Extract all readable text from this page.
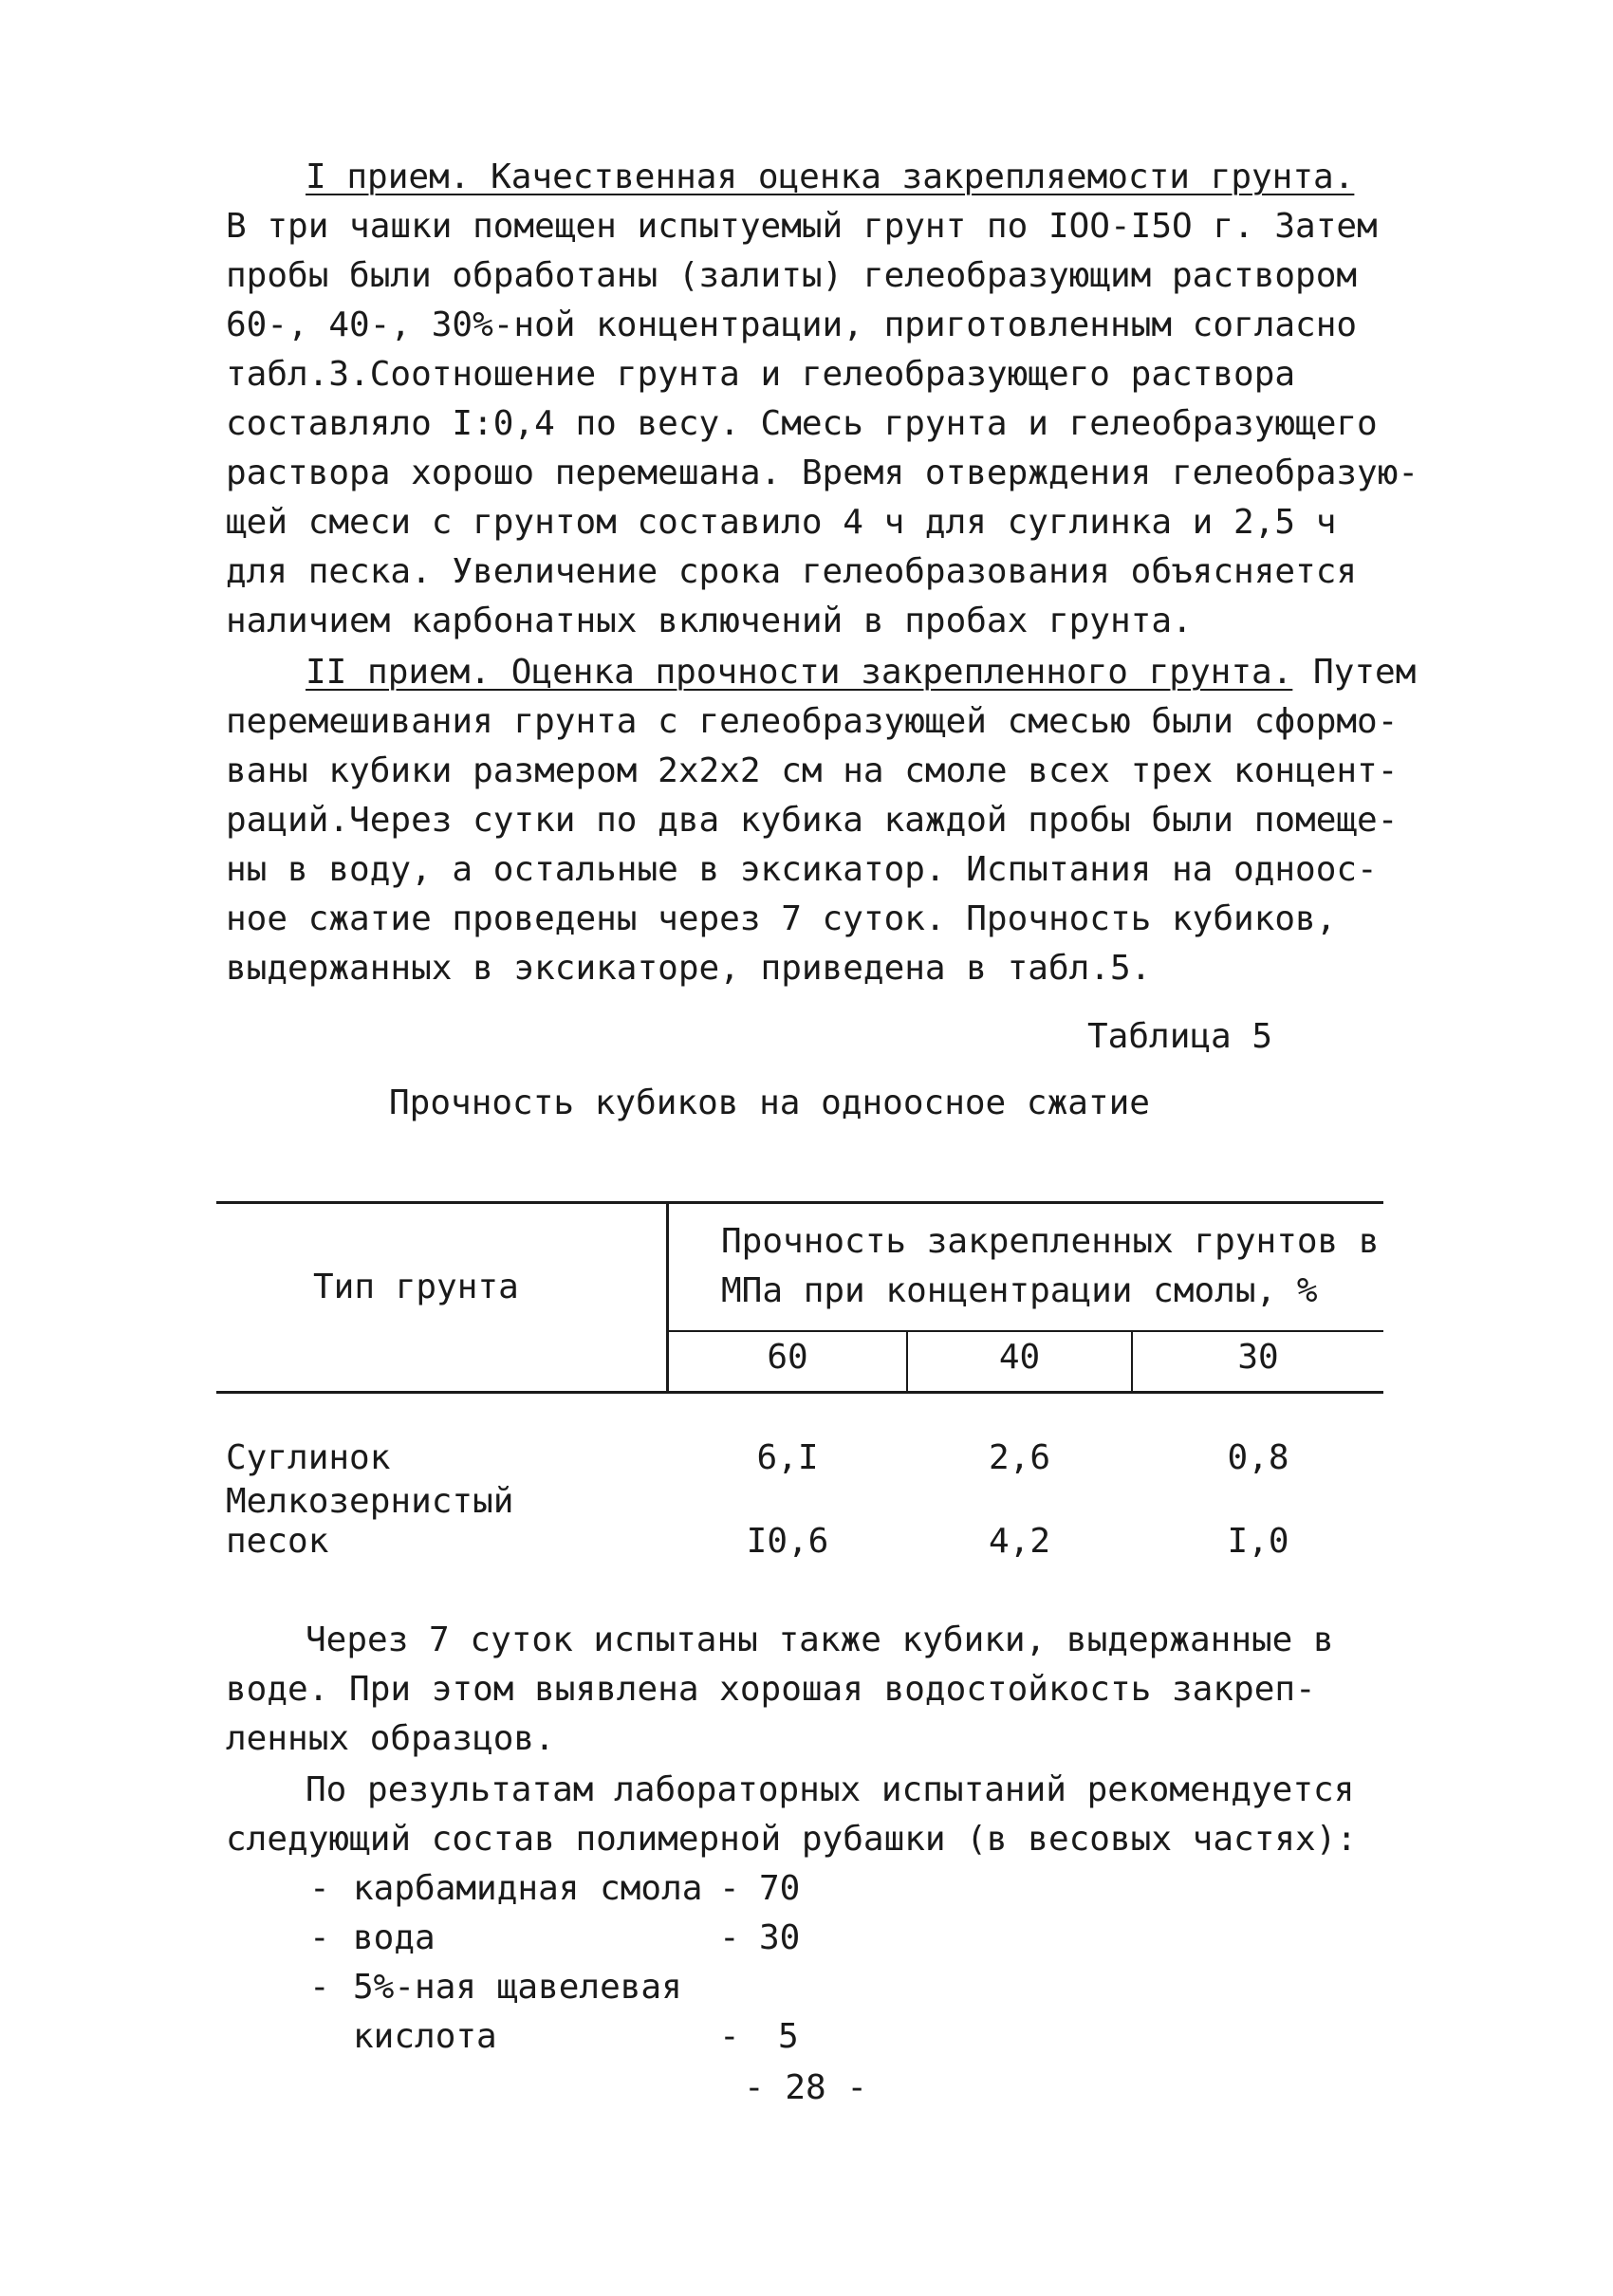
I прием. Качественная оценка закрепляемости грунта.
В три чашки помещен испытуемый грунт по IOO-I5O г. Затем
пробы были обработаны (залиты) гелеобразующим раствором
60-, 40-, 30%-ной концентрации, приготовленным согласно
табл.3.Соотношение грунта и гелеобразующего раствора
составляло I:0,4 по весу. Смесь грунта и гелеобразующего
раствора хорошо перемешана. Время отверждения гелеобразую-
щей смеси с грунтом составило 4 ч для суглинка и 2,5 ч
для песка. Увеличение срока гелеобразования объясняется
наличием карбонатных включений в пробах грунта.
II прием. Оценка прочности закрепленного грунта. Путем
перемешивания грунта с гелеобразующей смесью были сформо-
ваны кубики размером 2x2x2 см на смоле всех трех концент-
раций.Через сутки по два кубика каждой пробы были помеще-
ны в воду, а остальные в эксикатор. Испытания на одноос-
ное сжатие проведены через 7 суток. Прочность кубиков,
выдержанных в эксикаторе, приведена в табл.5.
Таблица 5
Прочность кубиков на одноосное сжатие
Тип грунта
Прочность закрепленных грунтов в
МПа при концентрации смолы, %
60	40	30
Суглинок	6,I	2,6	0,8
Мелкозернистый
песок	I0,6	4,2	I,0
Через 7 суток испытаны также кубики, выдержанные в
воде. При этом выявлена хорошая водостойкость закреп-
ленных образцов.
По результатам лабораторных испытаний рекомендуется
следующий состав полимерной рубашки (в весовых частях):
- карбамидная смола - 70
- вода	- 30
- 5%-ная щавелевая
кислота	- 5
- 28 -
